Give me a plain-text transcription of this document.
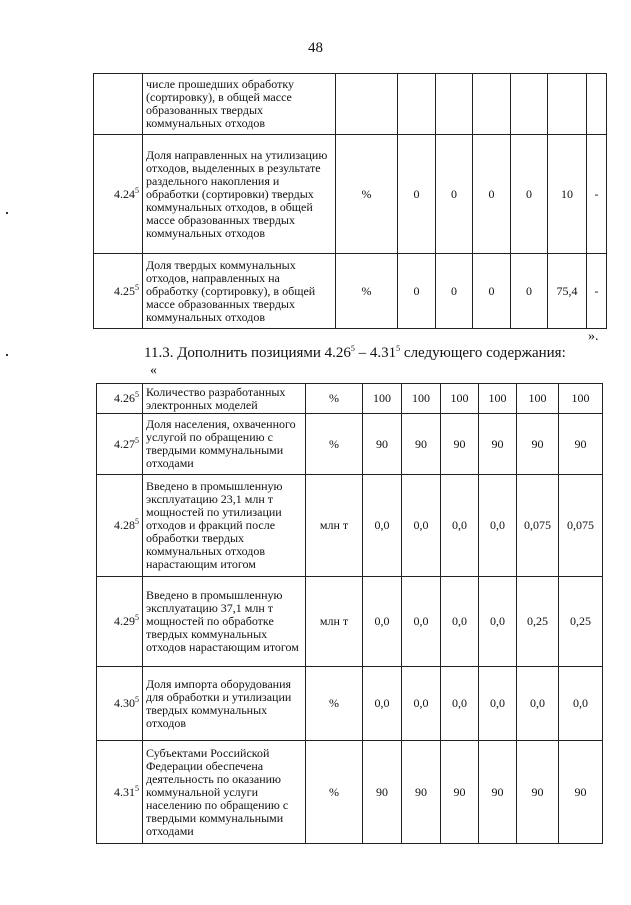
48
	числе прошедших обработку (сортировку), в общей массе образованных твердых коммунальных отходов							
4.24$^5$	Доля направленных на утилизацию отходов, выделенных в результате раздельного накопления и обработки (сортировки) твердых коммунальных отходов, в общей массе образованных твердых коммунальных отходов	%	0	0	0	0	10	-
4.25$^5$	Доля твердых коммунальных отходов, направленных на обработку (сортировку), в общей массе образованных твердых коммунальных отходов	%	0	0	0	0	75,4	-
».
11.3. Дополнить позициями 4.26$^5$ – 4.31$^5$ следующего содержания:
«
4.26$^5$	Количество разработанных электронных моделей	%	100	100	100	100	100	100
4.27$^5$	Доля населения, охваченного услугой по обращению с твердыми коммунальными отходами	%	90	90	90	90	90	90
4.28$^5$	Введено в промышленную эксплуатацию 23,1 млн т мощностей по утилизации отходов и фракций после обработки твердых коммунальных отходов нарастающим итогом	млн т	0,0	0,0	0,0	0,0	0,075	0,075
4.29$^5$	Введено в промышленную эксплуатацию 37,1 млн т мощностей по обработке твердых коммунальных отходов нарастающим итогом	млн т	0,0	0,0	0,0	0,0	0,25	0,25
4.30$^5$	Доля импорта оборудования для обработки и утилизации твердых коммунальных отходов	%	0,0	0,0	0,0	0,0	0,0	0,0
4.31$^5$	Субъектами Российской Федерации обеспечена деятельность по оказанию коммунальной услуги населению по обращению с твердыми коммунальными отходами	%	90	90	90	90	90	90
